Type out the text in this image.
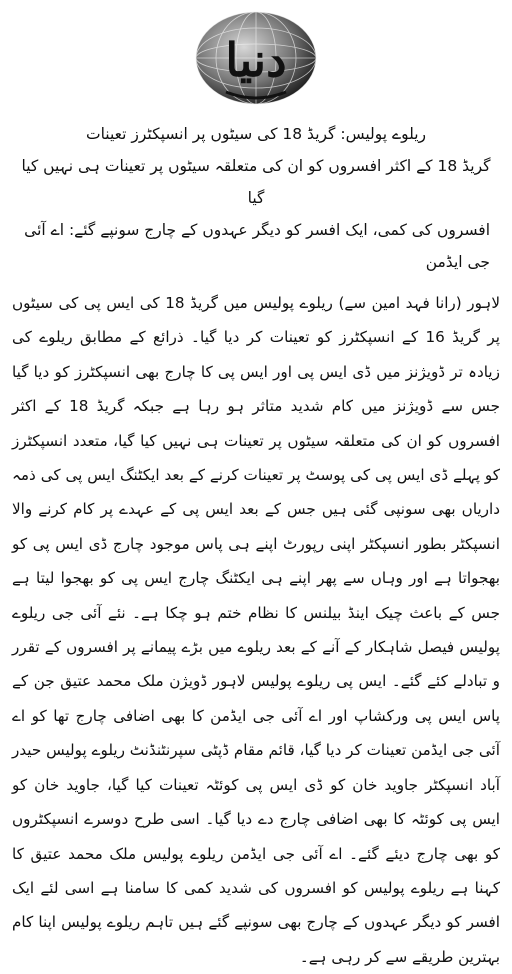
دنیا
ریلوے پولیس: گریڈ 18 کی سیٹوں پر انسپکٹرز تعینات
گریڈ 18 کے اکثر افسروں کو ان کی متعلقہ سیٹوں پر تعینات ہی نہیں کیا گیا
افسروں کی کمی، ایک افسر کو دیگر عہدوں کے چارج سونپے گئے: اے آئی جی ایڈمن

لاہور (رانا فہد امین سے) ریلوے پولیس میں گریڈ 18 کی ایس پی کی سیٹوں پر گریڈ 16 کے انسپکٹرز کو تعینات کر دیا گیا۔ ذرائع کے مطابق ریلوے کی زیادہ تر ڈویژنز میں ڈی ایس پی اور ایس پی کا چارج بھی انسپکٹرز کو دیا گیا جس سے ڈویژنز میں کام شدید متاثر ہو رہا ہے جبکہ گریڈ 18 کے اکثر افسروں کو ان کی متعلقہ سیٹوں پر تعینات ہی نہیں کیا گیا، متعدد انسپکٹرز کو پہلے ڈی ایس پی کی پوسٹ پر تعینات کرنے کے بعد ایکٹنگ ایس پی کی ذمہ داریاں بھی سونپی گئی ہیں جس کے بعد ایس پی کے عہدے پر کام کرنے والا انسپکٹر بطور انسپکٹر اپنی رپورٹ اپنے ہی پاس موجود چارج ڈی ایس پی کو بھجواتا ہے اور وہاں سے پھر اپنے ہی ایکٹنگ چارج ایس پی کو بھجوا لیتا ہے جس کے باعث چیک اینڈ بیلنس کا نظام ختم ہو چکا ہے۔ نئے آئی جی ریلوے پولیس فیصل شاہکار کے آنے کے بعد ریلوے میں بڑے پیمانے پر افسروں کے تقرر و تبادلے کئے گئے۔ ایس پی ریلوے پولیس لاہور ڈویژن ملک محمد عتیق جن کے پاس ایس پی ورکشاپ اور اے آئی جی ایڈمن کا بھی اضافی چارج تھا کو اے آئی جی ایڈمن تعینات کر دیا گیا، قائم مقام ڈپٹی سپرنٹنڈنٹ ریلوے پولیس حیدر آباد انسپکٹر جاوید خان کو ڈی ایس پی کوئٹہ تعینات کیا گیا، جاوید خان کو ایس پی کوئٹہ کا بھی اضافی چارج دے دیا گیا۔ اسی طرح دوسرے انسپکٹروں کو بھی چارج دیئے گئے۔ اے آئی جی ایڈمن ریلوے پولیس ملک محمد عتیق کا کہنا ہے ریلوے پولیس کو افسروں کی شدید کمی کا سامنا ہے اسی لئے ایک افسر کو دیگر عہدوں کے چارج بھی سونپے گئے ہیں تاہم ریلوے پولیس اپنا کام بہترین طریقے سے کر رہی ہے۔
